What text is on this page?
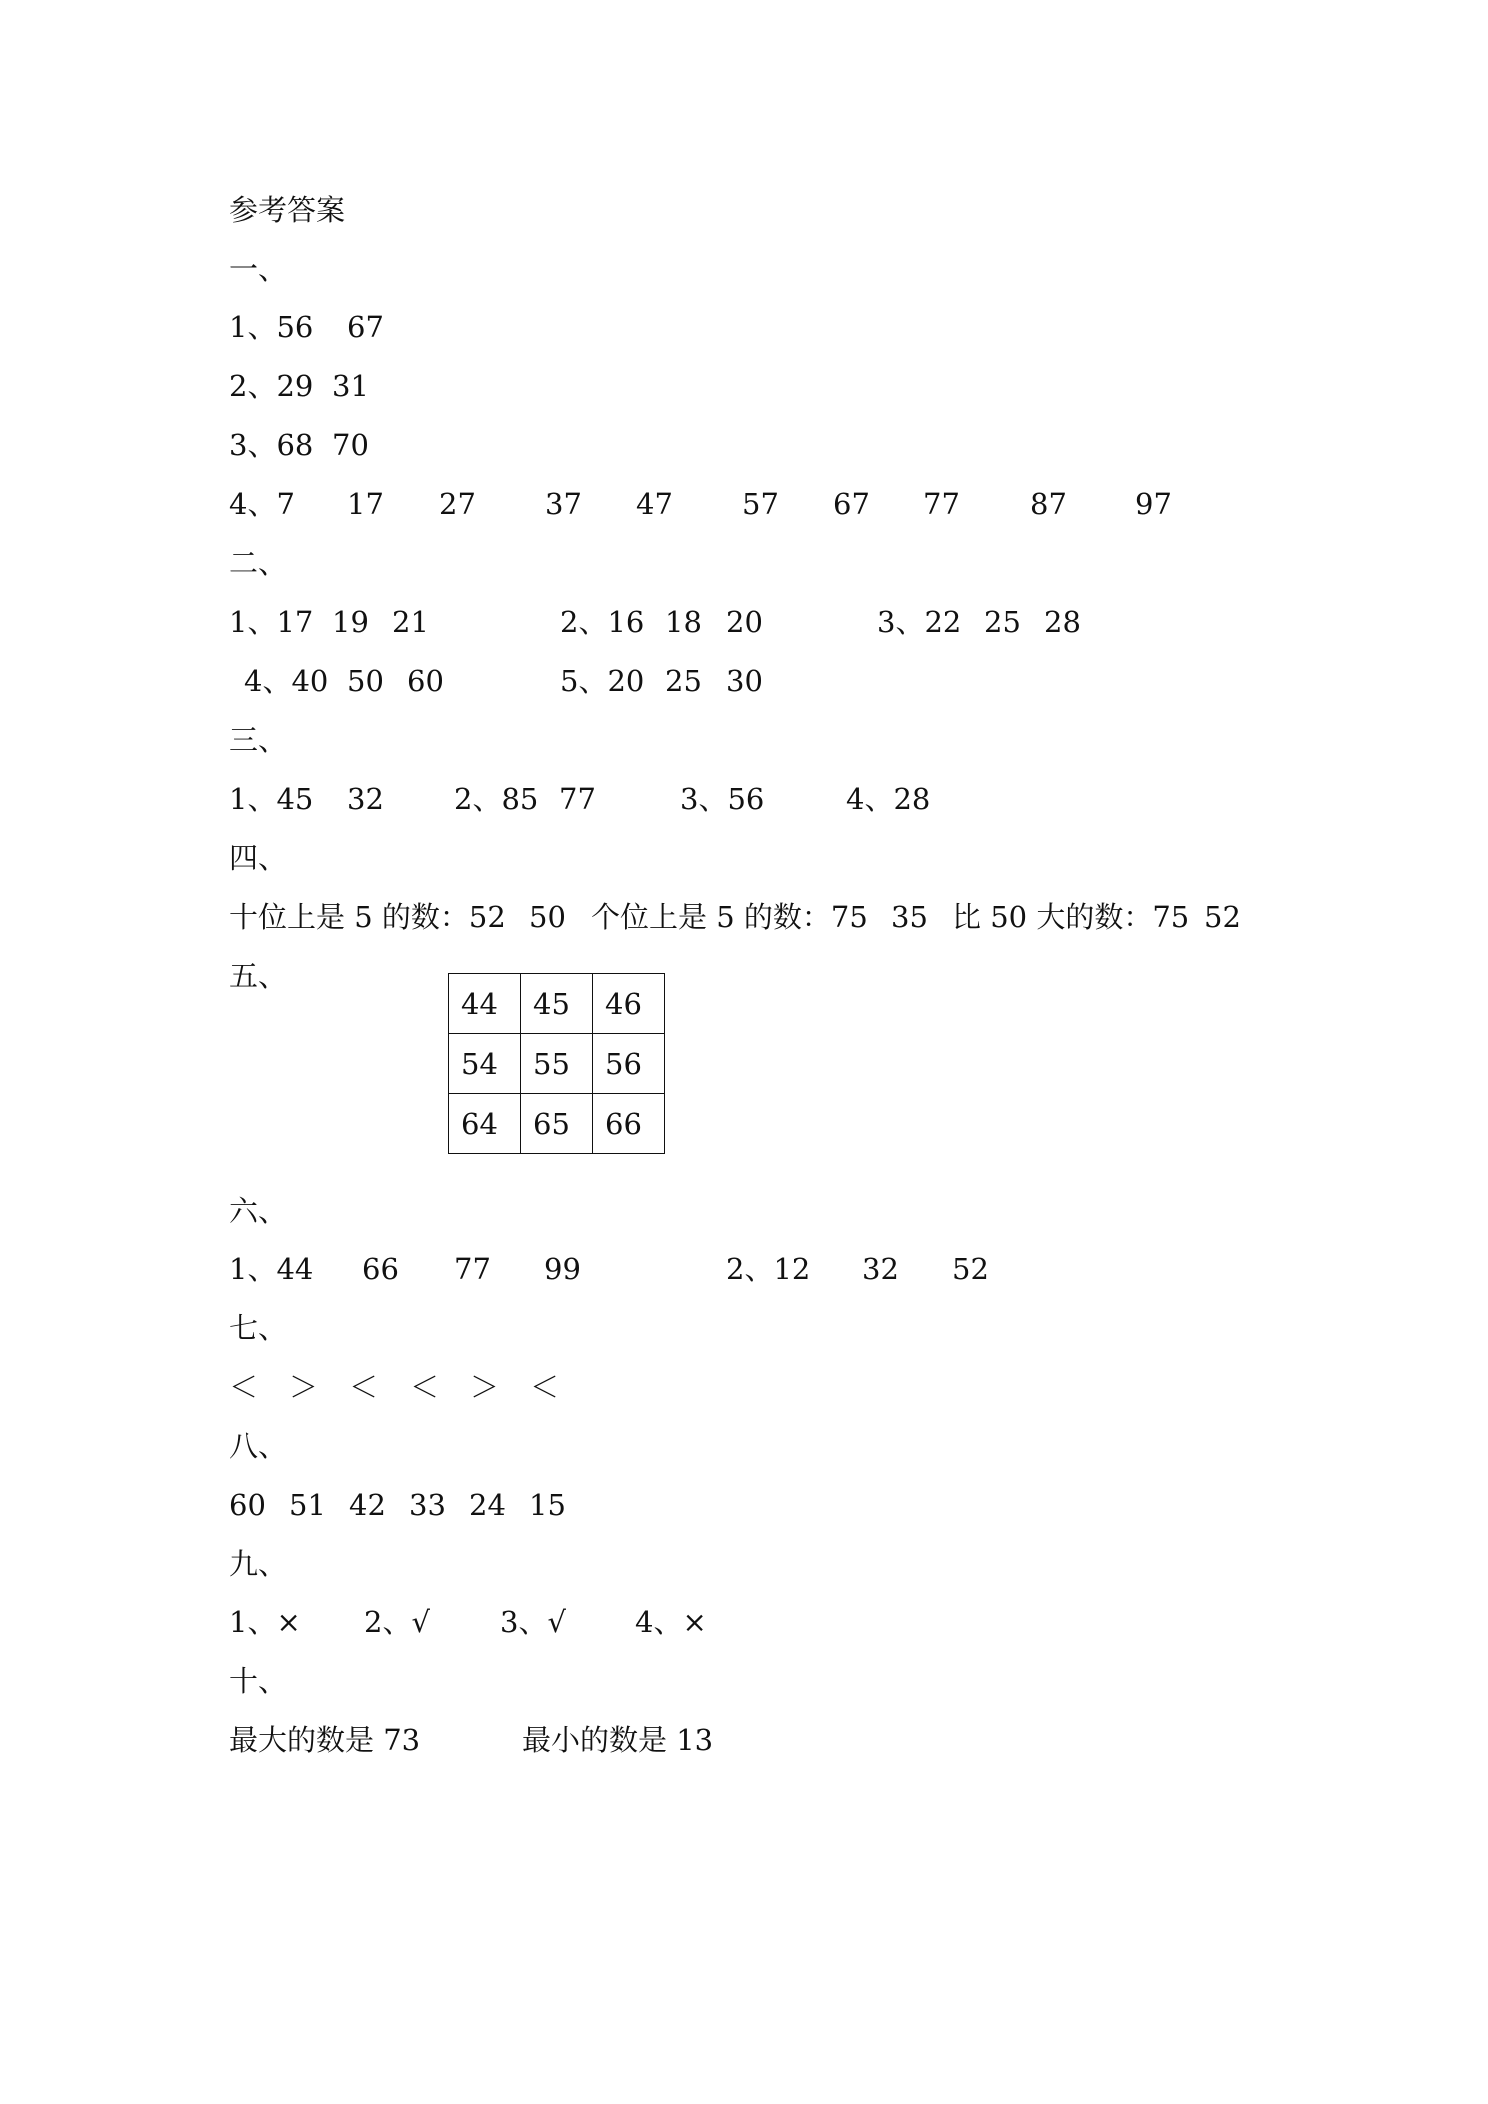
参考答案
一、
1、56 67
2、29 31
3、68 70
4、7 17 27 37 47 57 67 77 87 97
二、
1、17 19 21	2、16 18 20	3、22 25 28
4、40 50 60	5、20 25 30
三、
1、45 32 2、85 77	3、56	4、28
四、
十位上是 5 的数：52 50 个位上是 5 的数：75 35 比 50 大的数：75 52
五、
44	45	46
54	55	56
64	65	66
六、
1、44 66 77 99	2、12 32 52
七、
＜ ＞ ＜ ＜ ＞ ＜
八、
60 51 42 33 24 15
九、
1、× 2、√ 3、√ 4、×
十、
最大的数是 73	最小的数是 13
